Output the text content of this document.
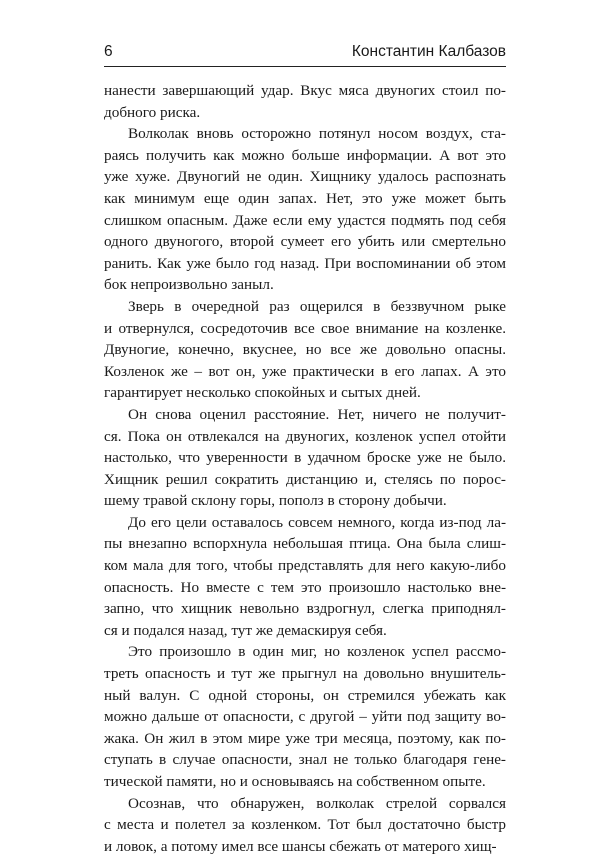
6	Константин Калбазов

нанести завершающий удар. Вкус мяса двуногих стоил по-
добного риска.

Волколак вновь осторожно потянул носом воздух, ста-
раясь получить как можно больше информации. А вот это
уже хуже. Двуногий не один. Хищнику удалось распознать
как минимум еще один запах. Нет, это уже может быть
слишком опасным. Даже если ему удастся подмять под себя
одного двуногого, второй сумеет его убить или смертельно
ранить. Как уже было год назад. При воспоминании об этом
бок непроизвольно заныл.

Зверь в очередной раз ощерился в беззвучном рыке
и отвернулся, сосредоточив все свое внимание на козленке.
Двуногие, конечно, вкуснее, но все же довольно опасны.
Козленок же – вот он, уже практически в его лапах. А это
гарантирует несколько спокойных и сытых дней.

Он снова оценил расстояние. Нет, ничего не получит-
ся. Пока он отвлекался на двуногих, козленок успел отойти
настолько, что уверенности в удачном броске уже не было.
Хищник решил сократить дистанцию и, стелясь по порос-
шему травой склону горы, пополз в сторону добычи.

До его цели оставалось совсем немного, когда из-под ла-
пы внезапно вспорхнула небольшая птица. Она была слиш-
ком мала для того, чтобы представлять для него какую-либо
опасность. Но вместе с тем это произошло настолько вне-
запно, что хищник невольно вздрогнул, слегка приподнял-
ся и подался назад, тут же демаскируя себя.

Это произошло в один миг, но козленок успел рассмо-
треть опасность и тут же прыгнул на довольно внушитель-
ный валун. С одной стороны, он стремился убежать как
можно дальше от опасности, с другой – уйти под защиту во-
жака. Он жил в этом мире уже три месяца, поэтому, как по-
ступать в случае опасности, знал не только благодаря гене-
тической памяти, но и основываясь на собственном опыте.

Осознав, что обнаружен, волколак стрелой сорвался
с места и полетел за козленком. Тот был достаточно быстр
и ловок, а потому имел все шансы сбежать от матерого хищ-
